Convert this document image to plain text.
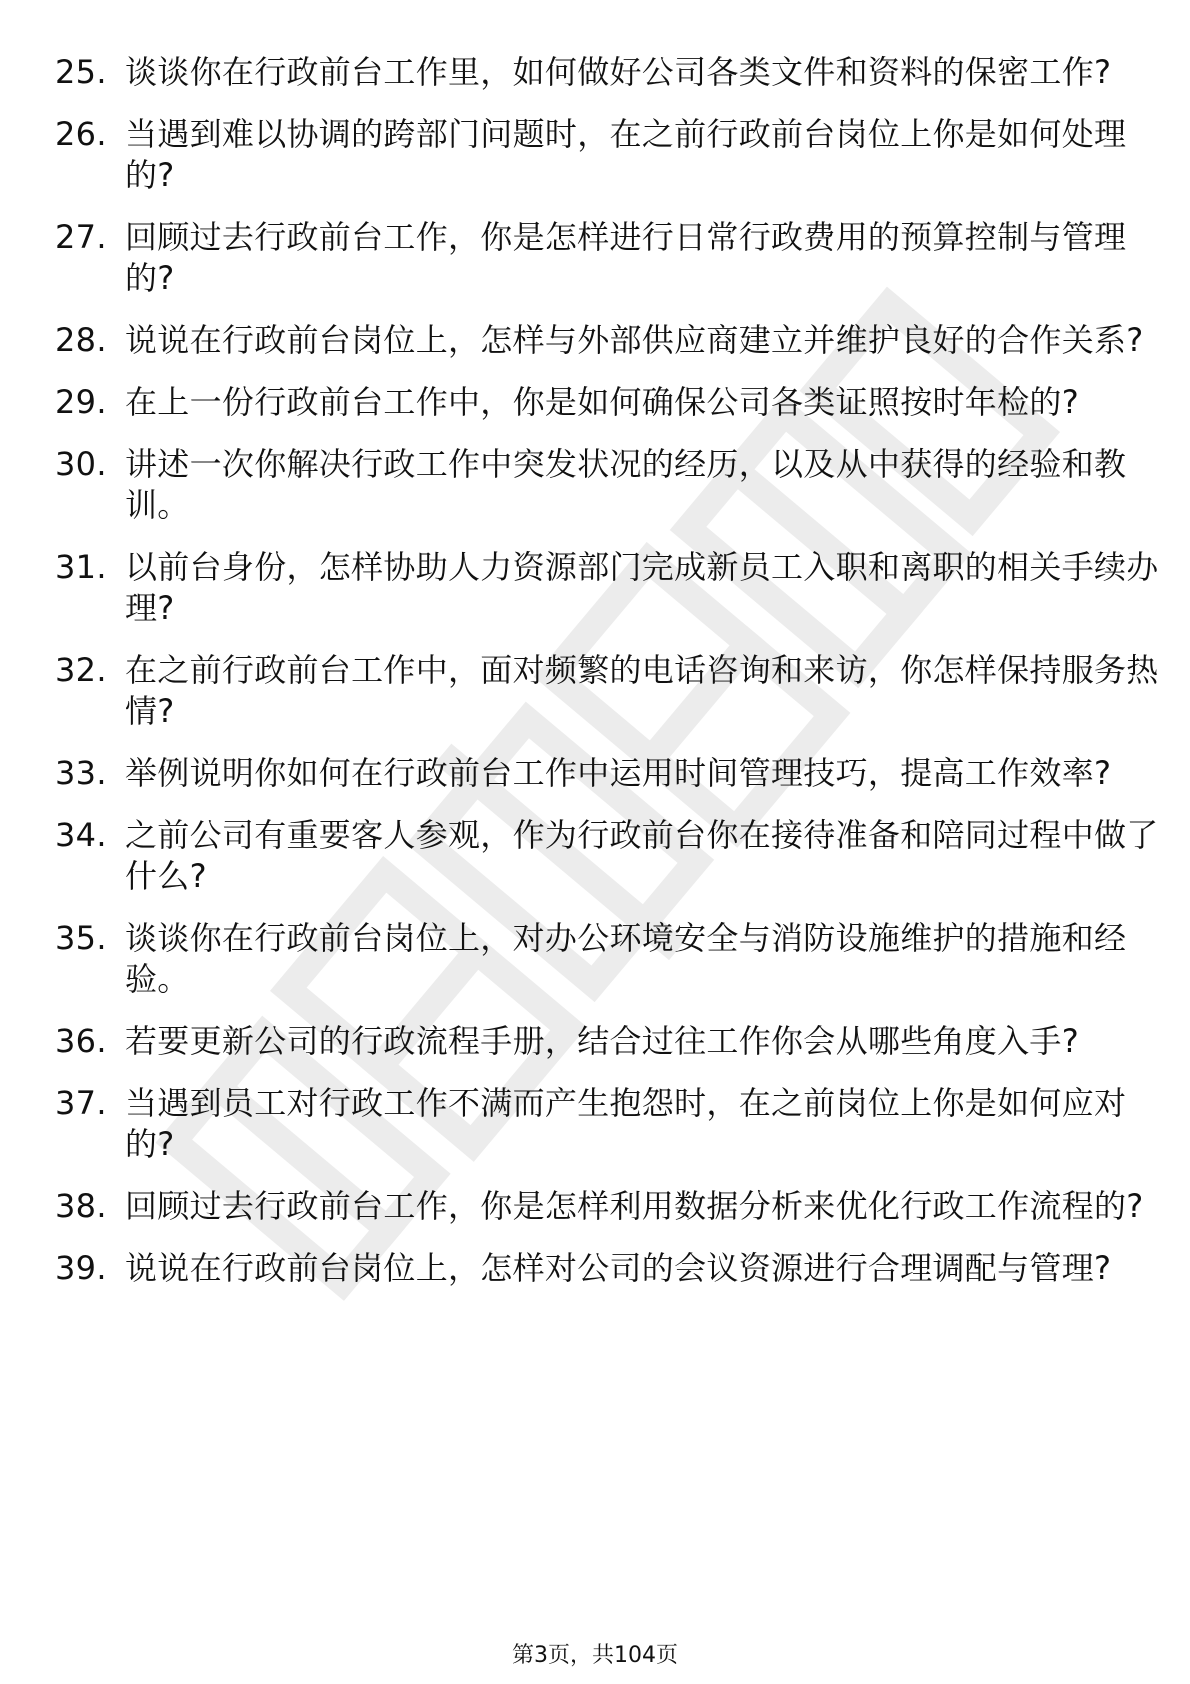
25. 谈谈你在行政前台工作里，如何做好公司各类文件和资料的保密工作?
26. 当遇到难以协调的跨部门问题时，在之前行政前台岗位上你是如何处理的?
27. 回顾过去行政前台工作，你是怎样进行日常行政费用的预算控制与管理的?
28. 说说在行政前台岗位上，怎样与外部供应商建立并维护良好的合作关系?
29. 在上一份行政前台工作中，你是如何确保公司各类证照按时年检的?
30. 讲述一次你解决行政工作中突发状况的经历，以及从中获得的经验和教训。
31. 以前台身份，怎样协助人力资源部门完成新员工入职和离职的相关手续办理?
32. 在之前行政前台工作中，面对频繁的电话咨询和来访，你怎样保持服务热情?
33. 举例说明你如何在行政前台工作中运用时间管理技巧，提高工作效率?
34. 之前公司有重要客人参观，作为行政前台你在接待准备和陪同过程中做了什么?
35. 谈谈你在行政前台岗位上，对办公环境安全与消防设施维护的措施和经验。
36. 若要更新公司的行政流程手册，结合过往工作你会从哪些角度入手?
37. 当遇到员工对行政工作不满而产生抱怨时，在之前岗位上你是如何应对的?
38. 回顾过去行政前台工作，你是怎样利用数据分析来优化行政工作流程的?
39. 说说在行政前台岗位上，怎样对公司的会议资源进行合理调配与管理?
第3页，共104页
